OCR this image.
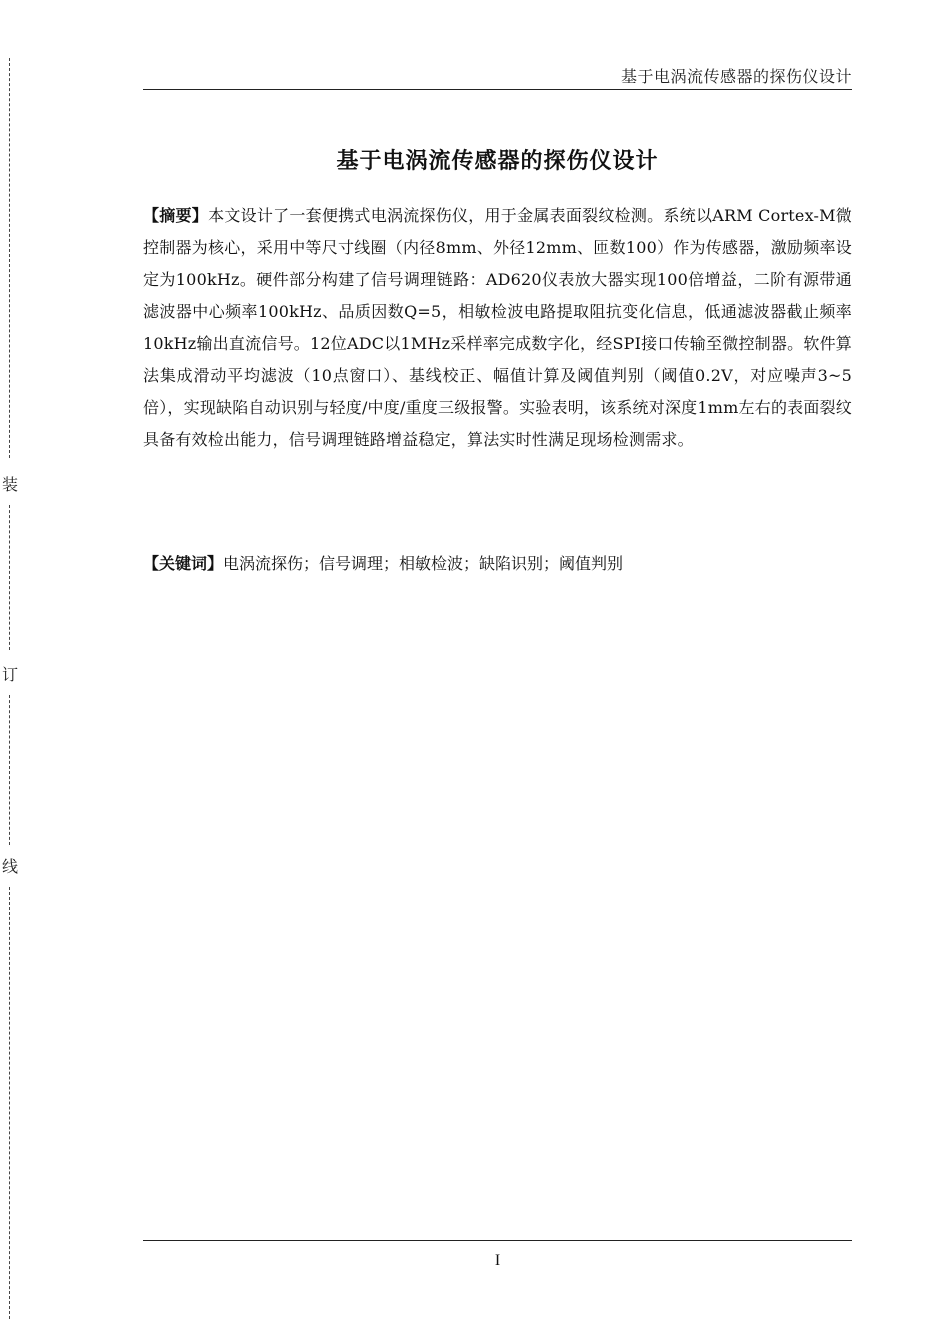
装
订
线
基于电涡流传感器的探伤仪设计
基于电涡流传感器的探伤仪设计
【摘要】本文设计了一套便携式电涡流探伤仪，用于金属表面裂纹检测。系统以ARM Cortex-M微控制器为核心，采用中等尺寸线圈（内径8mm、外径12mm、匝数100）作为传感器，激励频率设定为100kHz。硬件部分构建了信号调理链路：AD620仪表放大器实现100倍增益，二阶有源带通滤波器中心频率100kHz、品质因数Q=5，相敏检波电路提取阻抗变化信息，低通滤波器截止频率10kHz输出直流信号。12位ADC以1MHz采样率完成数字化，经SPI接口传输至微控制器。软件算法集成滑动平均滤波（10点窗口）、基线校正、幅值计算及阈值判别（阈值0.2V，对应噪声3~5倍），实现缺陷自动识别与轻度/中度/重度三级报警。实验表明，该系统对深度1mm左右的表面裂纹具备有效检出能力，信号调理链路增益稳定，算法实时性满足现场检测需求。
【关键词】电涡流探伤；信号调理；相敏检波；缺陷识别；阈值判别
I
